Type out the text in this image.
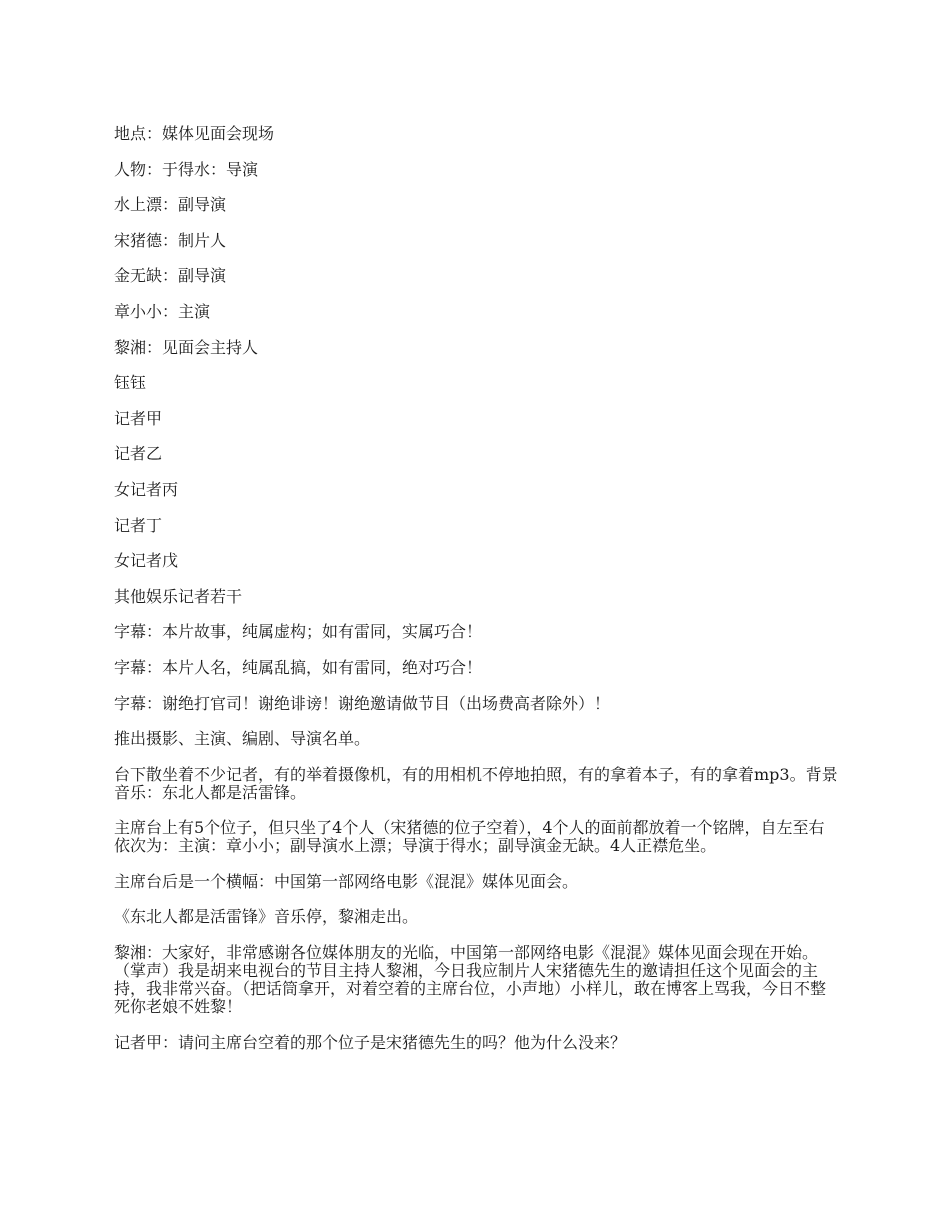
地点：媒体见面会现场

人物：于得水：导演

水上漂：副导演

宋猪德：制片人

金无缺：副导演

章小小：主演

黎湘：见面会主持人

钰钰

记者甲

记者乙

女记者丙

记者丁

女记者戊

其他娱乐记者若干

字幕：本片故事，纯属虚构；如有雷同，实属巧合！

字幕：本片人名，纯属乱搞，如有雷同，绝对巧合！

字幕：谢绝打官司！谢绝诽谤！谢绝邀请做节目（出场费高者除外）！

推出摄影、主演、编剧、导演名单。

台下散坐着不少记者，有的举着摄像机，有的用相机不停地拍照，有的拿着本子，有的拿着mp3。背景音乐：东北人都是活雷锋。

主席台上有5个位子，但只坐了4个人（宋猪德的位子空着），4个人的面前都放着一个铭牌，自左至右依次为：主演：章小小；副导演水上漂；导演于得水；副导演金无缺。4人正襟危坐。

主席台后是一个横幅：中国第一部网络电影《混混》媒体见面会。

《东北人都是活雷锋》音乐停，黎湘走出。

黎湘：大家好，非常感谢各位媒体朋友的光临，中国第一部网络电影《混混》媒体见面会现在开始。（掌声）我是胡来电视台的节目主持人黎湘，今日我应制片人宋猪德先生的邀请担任这个见面会的主持，我非常兴奋。（把话筒拿开，对着空着的主席台位，小声地）小样儿，敢在博客上骂我，今日不整死你老娘不姓黎！

记者甲：请问主席台空着的那个位子是宋猪德先生的吗？他为什么没来？
